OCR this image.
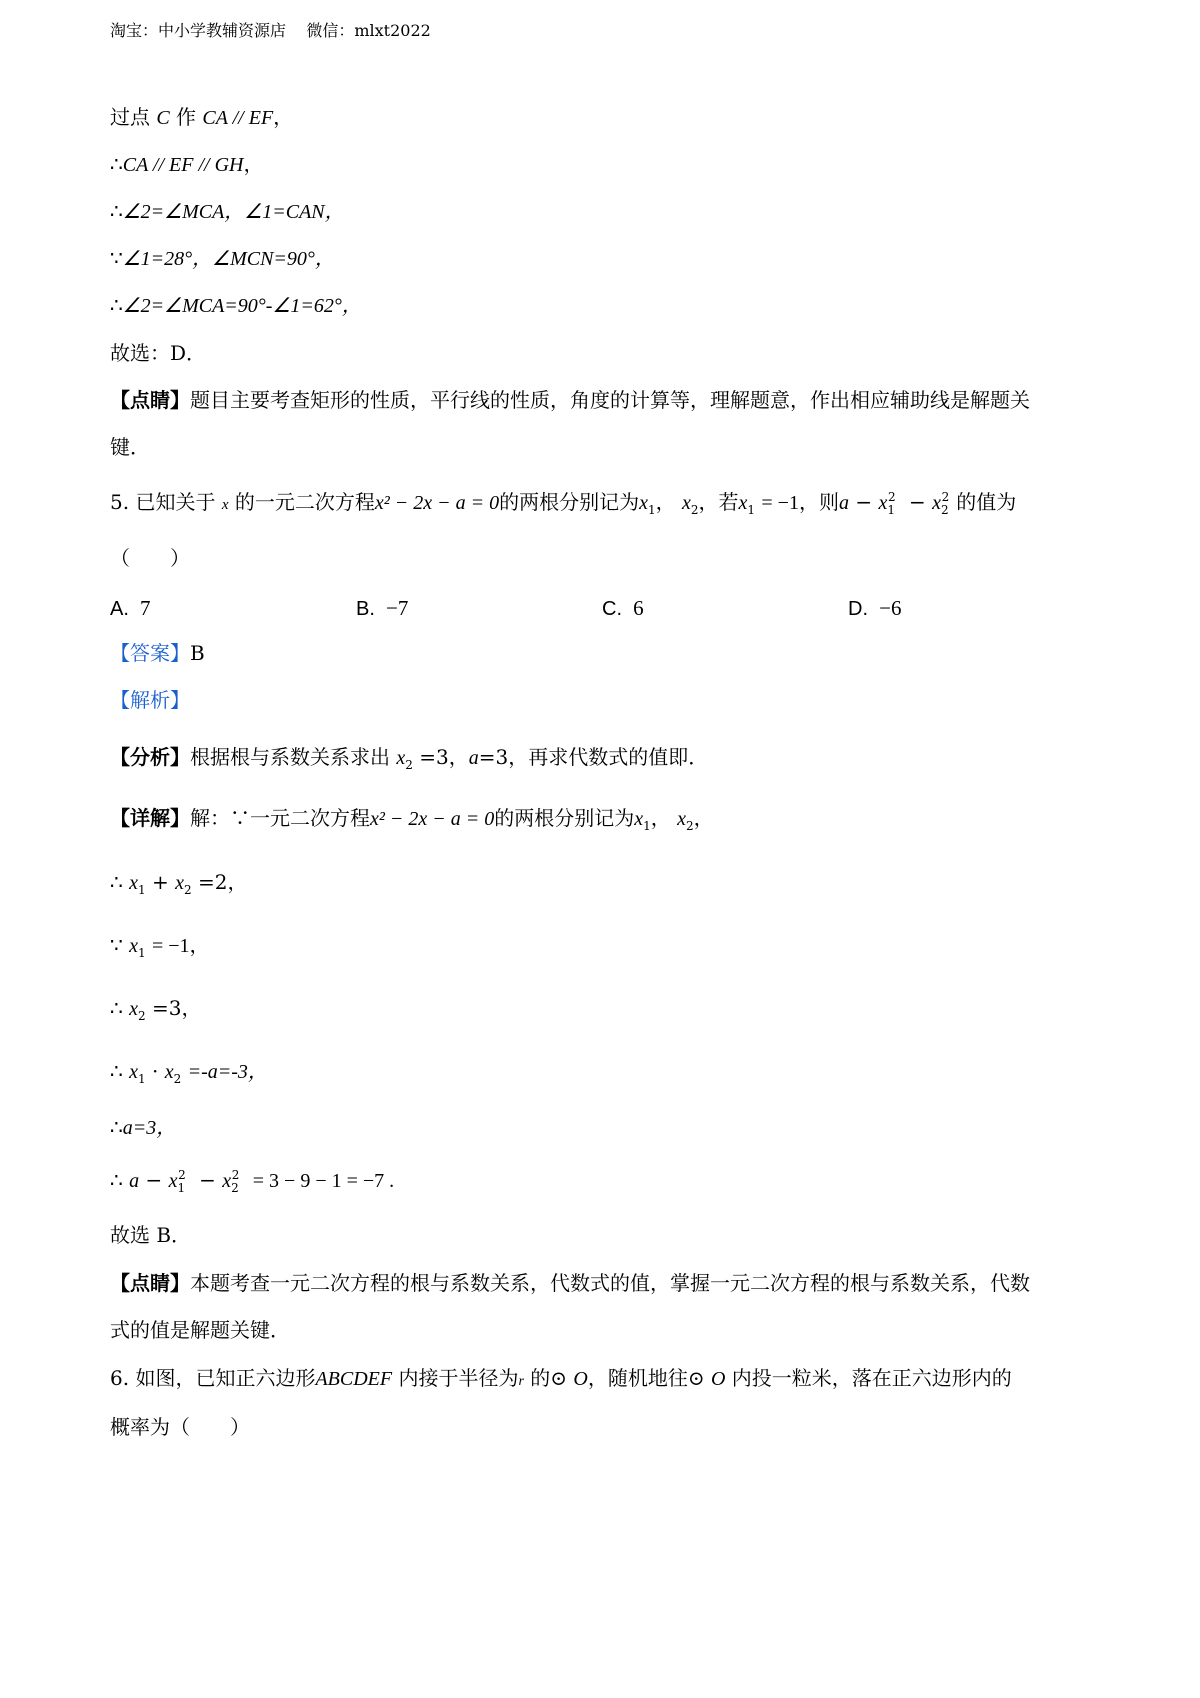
淘宝：中小学教辅资源店 微信：mlxt2022
过点 C 作 CA // EF，
∴CA // EF // GH，
∴∠2=∠MCA，∠1=CAN，
∵∠1=28°，∠MCN=90°，
∴∠2=∠MCA=90°-∠1=62°，
故选：D．
【点睛】题目主要考查矩形的性质，平行线的性质，角度的计算等，理解题意，作出相应辅助线是解题关
键．
5. 已知关于 x 的一元二次方程x² − 2x − a = 0的两根分别记为$x_1$， $x_2$，若$x_1 = -1$，则$a - x_1^2 - x_2^2$ 的值为
（　　）
A. 7	B. −7	C. 6	D. −6
【答案】B
【解析】
【分析】根据根与系数关系求出 $x_2 =3$，a=3，再求代数式的值即．
【详解】解：∵一元二次方程x² − 2x − a = 0的两根分别记为$x_1$， $x_2$，
∴ $x_1 + x_2 =2$，
∵ $x_1 = -1$，
∴ $x_2 =3$，
∴ $x_1 \cdot x_2 =-a=-3$，
∴a=3，
∴ $a - x_1^2 - x_2^2 = 3 - 9 - 1 = -7$ .
故选 B．
【点睛】本题考查一元二次方程的根与系数关系，代数式的值，掌握一元二次方程的根与系数关系，代数
式的值是解题关键．
6. 如图，已知正六边形ABCDEF 内接于半径为r 的⊙ O，随机地往⊙ O 内投一粒米，落在正六边形内的
概率为（　　）
